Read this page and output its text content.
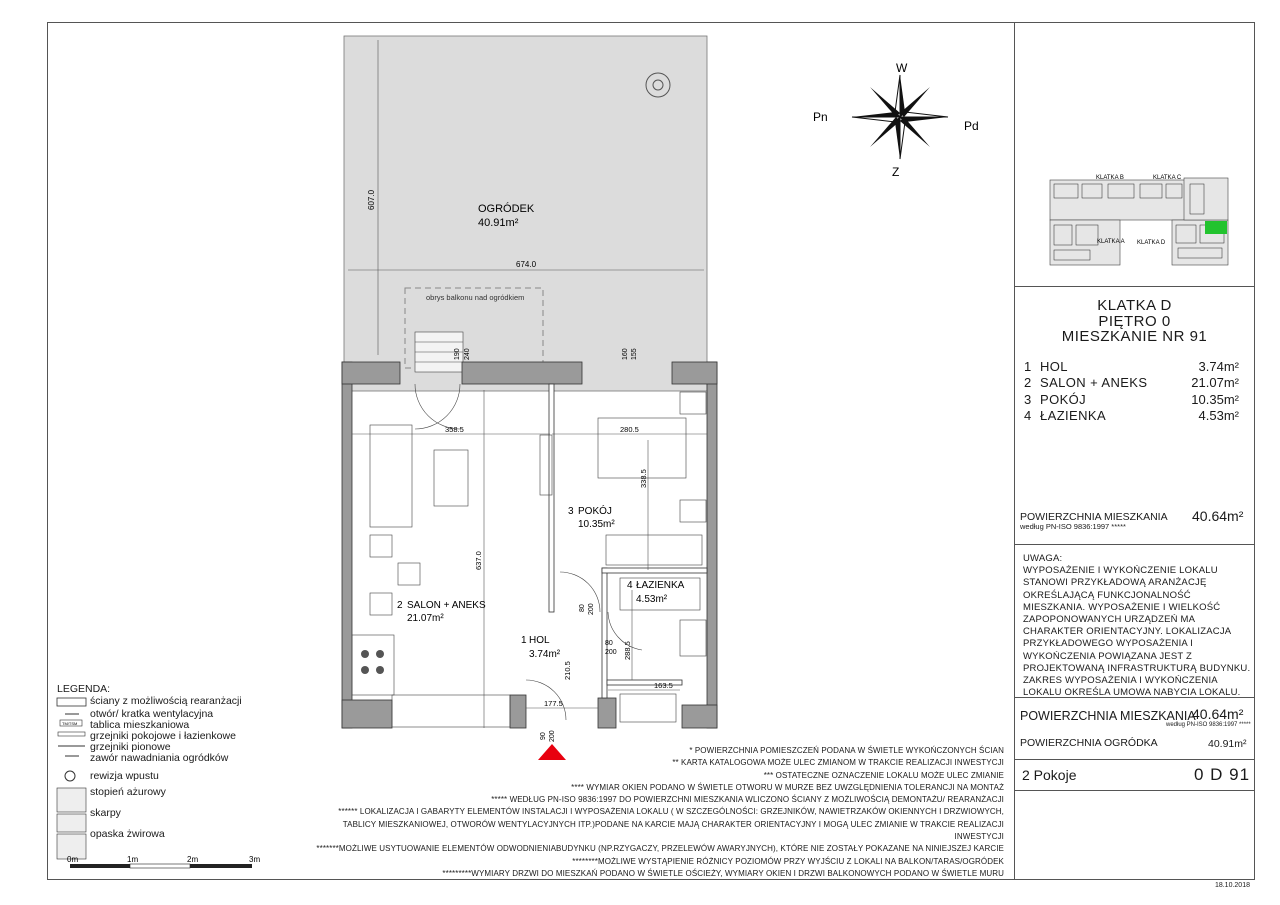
W
Z
Pn
Pd
KLATKA B	KLATKA C
KLATKA A KLATKA D
KLATKA D
PIĘTRO 0
MIESZKANIE NR 91
1 HOL	3.74m²
2 SALON + ANEKS	21.07m²
3 POKÓJ	10.35m²
4 ŁAZIENKA	4.53m²
POWIERZCHNIA MIESZKANIA
według PN-ISO 9836:1997 *****
40.64m²
UWAGA:
WYPOSAŻENIE I WYKOŃCZENIE LOKALU STANOWI PRZYKŁADOWĄ ARANŻACJĘ OKREŚLAJĄCĄ FUNKCJONALNOŚĆ MIESZKANIA. WYPOSAŻENIE I WIELKOŚĆ ZAPOPONOWANYCH URZĄDZEŃ MA CHARAKTER ORIENTACYJNY. LOKALIZACJA PRZYKŁADOWEGO WYPOSAŻENIA I WYKOŃCZENIA POWIĄZANA JEST Z PROJEKTOWANĄ INFRASTRUKTURĄ BUDYNKU. ZAKRES WYPOSAŻENIA I WYKOŃCZENIA LOKALU OKREŚLA UMOWA NABYCIA LOKALU.
POWIERZCHNIA MIESZKANIA
40.64m²
według PN-ISO 9836:1997 *****
POWIERZCHNIA OGRÓDKA	40.91m²
2 Pokoje	0 D 91
607.0
674.0
OGRÓDEK
40.91m²
obrys balkonu nad ogródkiem
190 240	160 155
358.5	280.5
338.5
637.0
288.5
163.5
177.5
210.5
80 200
80
200
90 200
3 POKÓJ
10.35m²
4 ŁAZIENKA
4.53m²
2 SALON + ANEKS
21.07m²
1 HOL
3.74m²
LEGENDA:
TM/TSM
ściany z możliwością rearanżacji
otwór/ kratka wentylacyjna
tablica mieszkaniowa
grzejniki pokojowe i łazienkowe
grzejniki pionowe
zawór nawadniania ogródków
rewizja wpustu
stopień ażurowy
skarpy
opaska żwirowa
0m	1m	2m	3m
* POWIERZCHNIA POMIESZCZEŃ PODANA W ŚWIETLE WYKOŃCZONYCH ŚCIAN
** KARTA KATALOGOWA MOŻE ULEC ZMIANOM W TRAKCIE REALIZACJI INWESTYCJI
*** OSTATECZNE OZNACZENIE LOKALU MOŻE ULEC ZMIANIE
**** WYMIAR OKIEN PODANO W ŚWIETLE OTWORU W MURZE BEZ UWZGLĘDNIENIA TOLERANCJI NA MONTAŻ
***** WEDŁUG PN-ISO 9836:1997 DO POWIERZCHNI MIESZKANIA WLICZONO ŚCIANY Z MOŻLIWOŚCIĄ DEMONTAŻU/ REARANŻACJI
****** LOKALIZACJA I GABARYTY ELEMENTÓW INSTALACJI I WYPOSAŻENIA LOKALU ( W SZCZEGÓLNOŚCI: GRZEJNIKÓW, NAWIETRZAKÓW OKIENNYCH I DRZWIOWYCH,
TABLICY MIESZKANIOWEJ, OTWORÓW WENTYLACYJNYCH ITP.)PODANE NA KARCIE MAJĄ CHARAKTER ORIENTACYJNY I MOGĄ ULEC ZMIANIE W TRAKCIE REALIZACJI INWESTYCJI
*******MOŻLIWE USYTUOWANIE ELEMENTÓW ODWODNIENIABUDYNKU (NP.RZYGACZY, PRZELEWÓW AWARYJNYCH), KTÓRE NIE ZOSTAŁY POKAZANE NA NINIEJSZEJ KARCIE
********MOŻLIWE WYSTĄPIENIE RÓŻNICY POZIOMÓW PRZY WYJŚCIU Z LOKALI NA BALKON/TARAS/OGRÓDEK
*********WYMIARY DRZWI DO MIESZKAŃ PODANO W ŚWIETLE OŚCIEŻY, WYMIARY OKIEN I DRZWI BALKONOWYCH PODANO W ŚWIETLE MURU
18.10.2018
